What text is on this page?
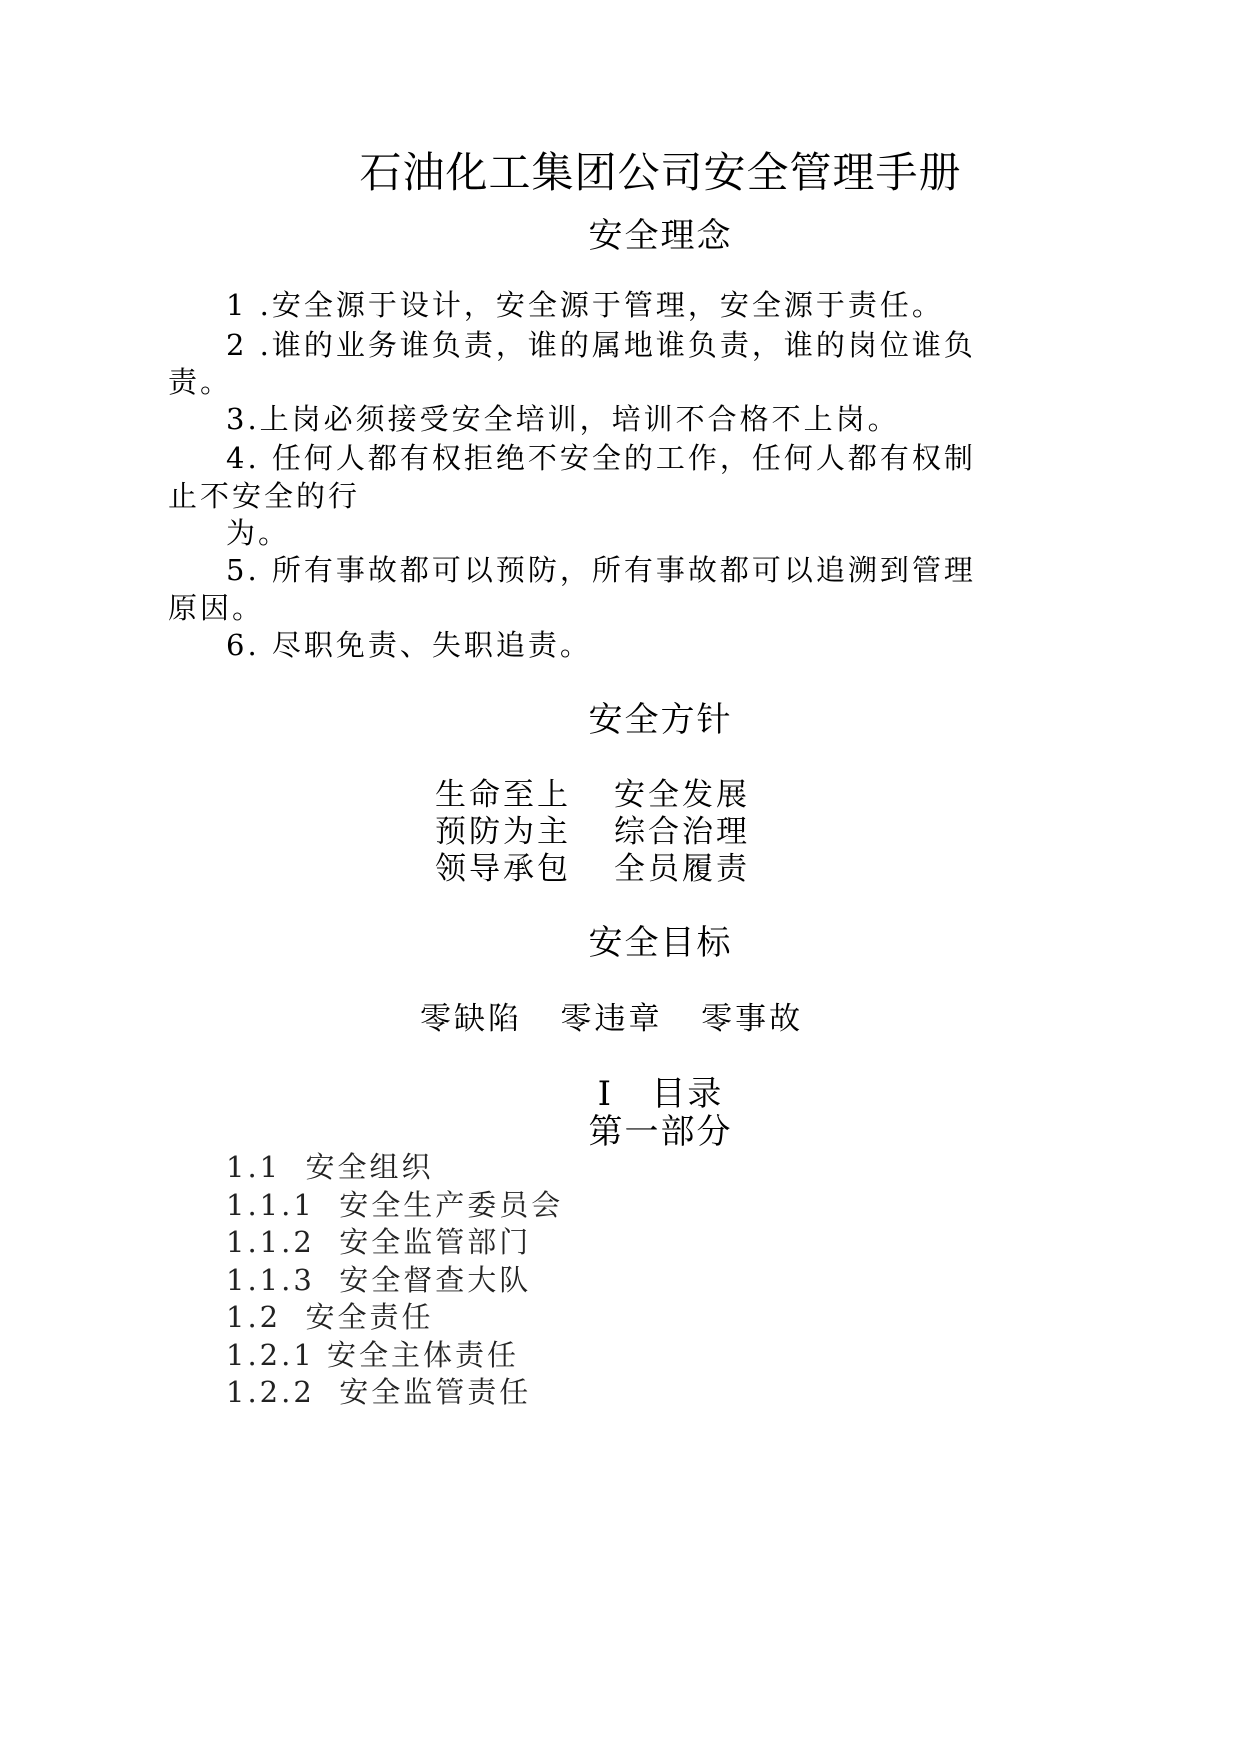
石油化工集团公司安全管理手册
安全理念
1 .安全源于设计，安全源于管理，安全源于责任。
2 .谁的业务谁负责，谁的属地谁负责，谁的岗位谁负
责。
3.上岗必须接受安全培训，培训不合格不上岗。
4. 任何人都有权拒绝不安全的工作，任何人都有权制
止不安全的行
为。
5. 所有事故都可以预防，所有事故都可以追溯到管理
原因。
6. 尽职免责、失职追责。
安全方针
生命至上 安全发展
预防为主 综合治理
领导承包 全员履责
安全目标
零缺陷   零违章   零事故
I   目录
第一部分
1.1  安全组织
1.1.1  安全生产委员会
1.1.2  安全监管部门
1.1.3  安全督查大队
1.2  安全责任
1.2.1 安全主体责任
1.2.2  安全监管责任
